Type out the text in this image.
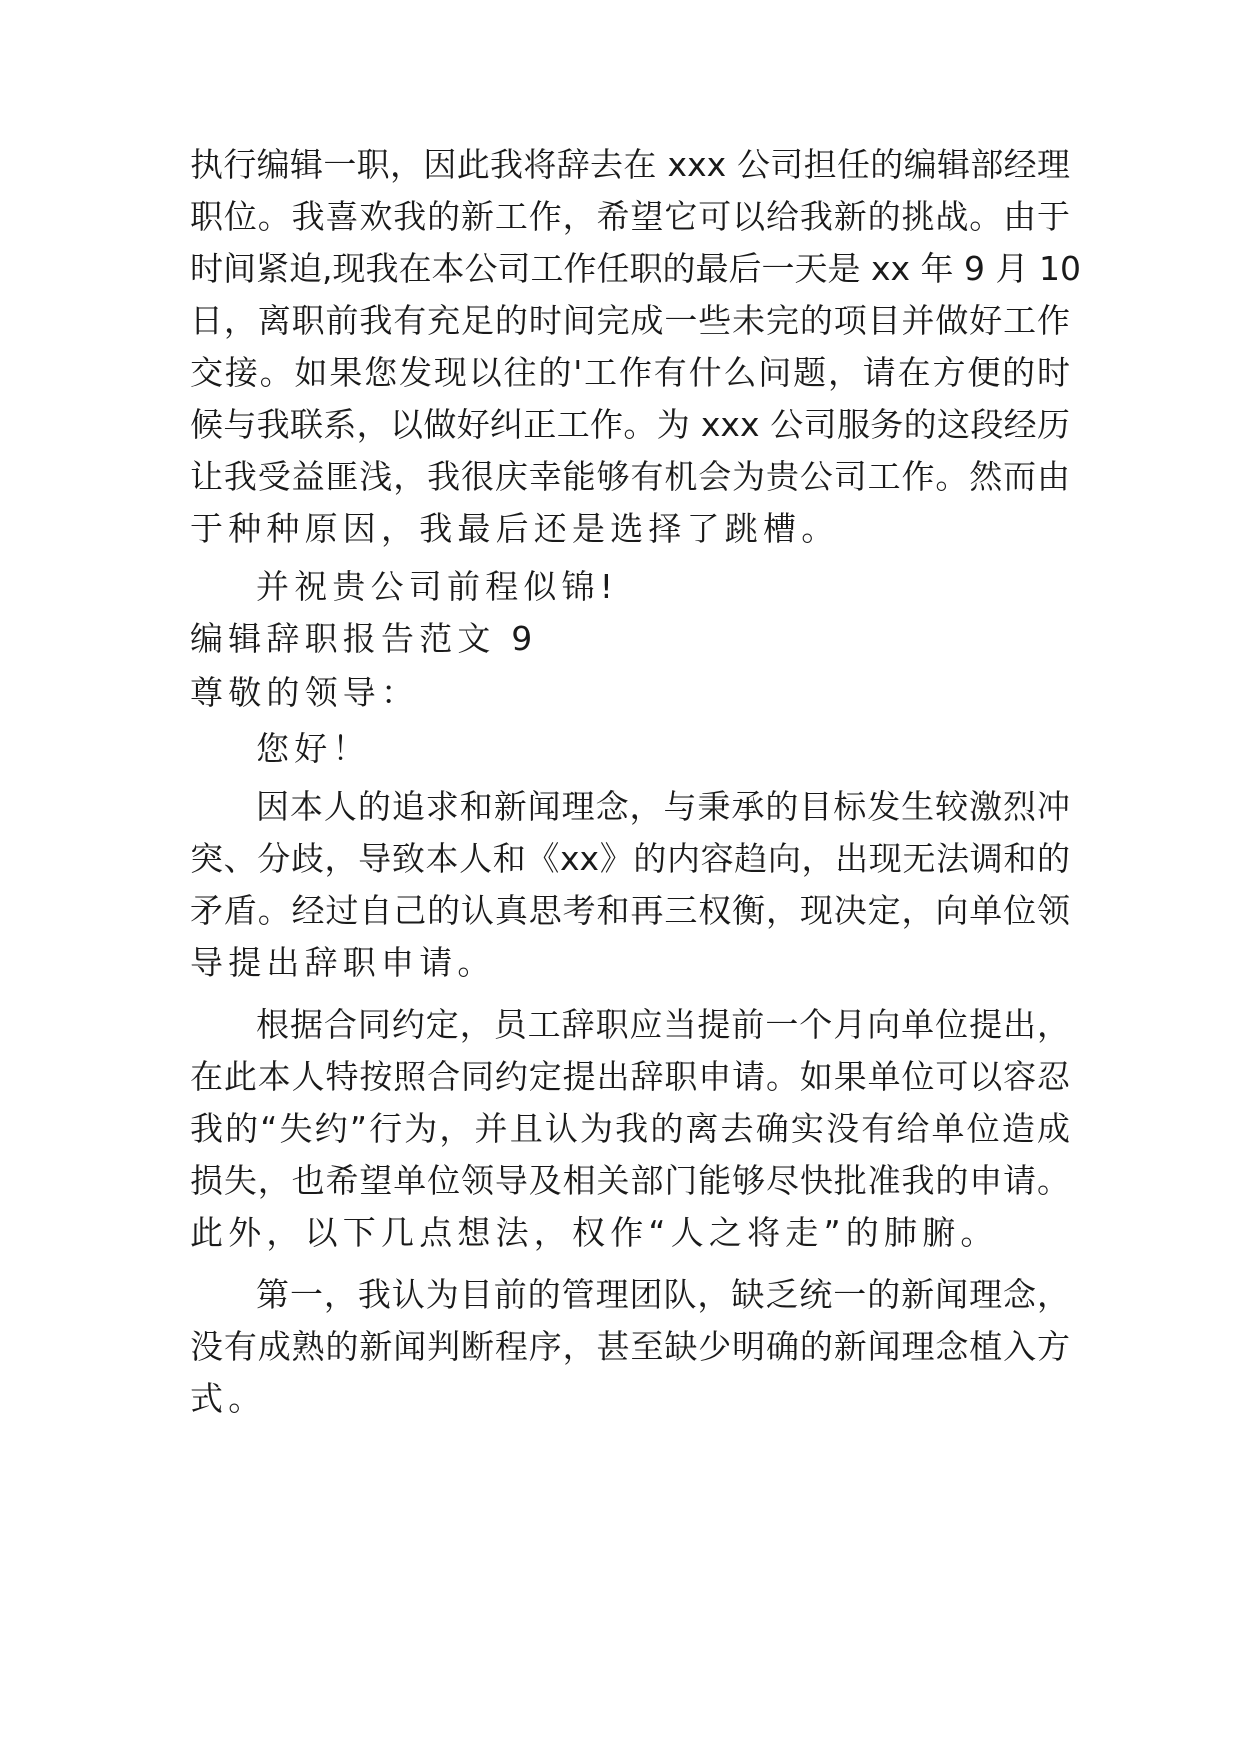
执行编辑一职，因此我将辞去在 xxx 公司担任的编辑部经理
职位。我喜欢我的新工作，希望它可以给我新的挑战。由于
时间紧迫,现我在本公司工作任职的最后一天是 xx 年 9 月 10
日，离职前我有充足的时间完成一些未完的项目并做好工作
交接。如果您发现以往的'工作有什么问题，请在方便的时
候与我联系，以做好纠正工作。为 xxx 公司服务的这段经历
让我受益匪浅，我很庆幸能够有机会为贵公司工作。然而由
于种种原因，我最后还是选择了跳槽。
并祝贵公司前程似锦!
编辑辞职报告范文 9
尊敬的领导：
您好！
因本人的追求和新闻理念，与秉承的目标发生较激烈冲
突、分歧，导致本人和《xx》的内容趋向，出现无法调和的
矛盾。经过自己的认真思考和再三权衡，现决定，向单位领
导提出辞职申请。
根据合同约定，员工辞职应当提前一个月向单位提出，
在此本人特按照合同约定提出辞职申请。如果单位可以容忍
我的“失约”行为，并且认为我的离去确实没有给单位造成
损失，也希望单位领导及相关部门能够尽快批准我的申请。
此外，以下几点想法，权作“人之将走”的肺腑。
第一，我认为目前的管理团队，缺乏统一的新闻理念，
没有成熟的新闻判断程序，甚至缺少明确的新闻理念植入方
式。
